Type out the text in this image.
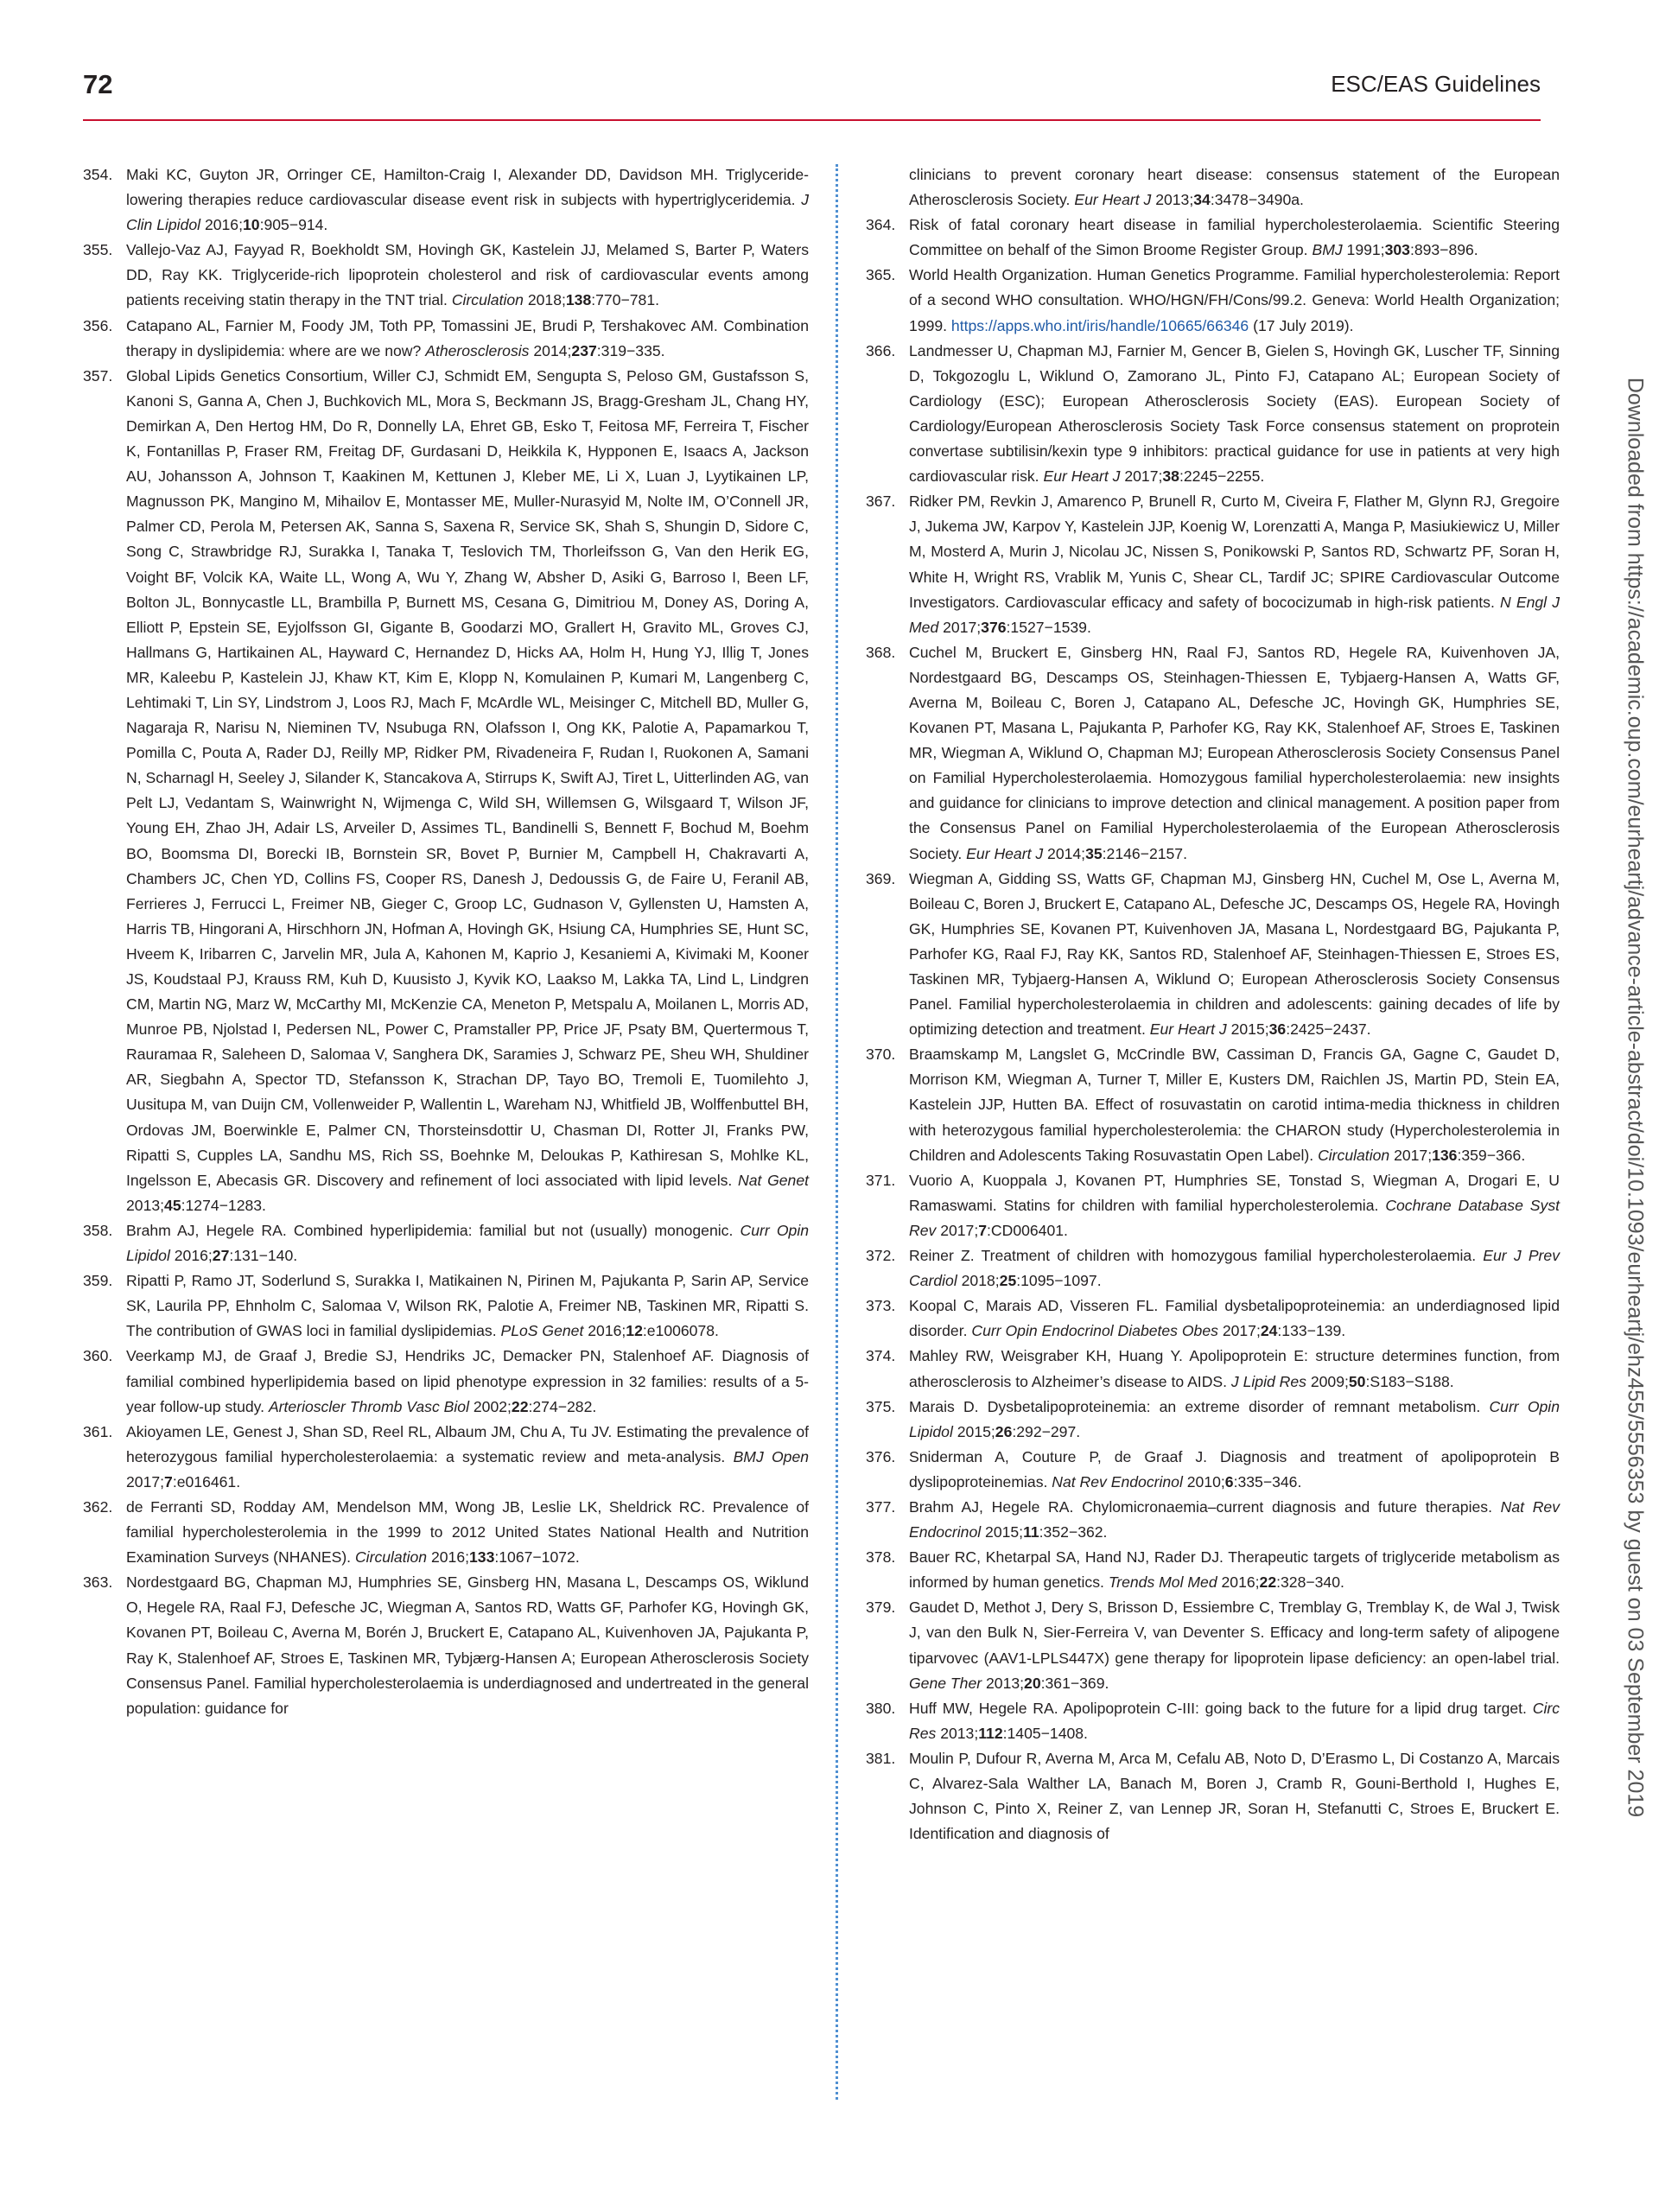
72	ESC/EAS Guidelines

354. Maki KC, Guyton JR, Orringer CE, Hamilton-Craig I, Alexander DD, Davidson MH. Triglyceride-lowering therapies reduce cardiovascular disease event risk in subjects with hypertriglyceridemia. J Clin Lipidol 2016;10:905−914.

355. Vallejo-Vaz AJ, Fayyad R, Boekholdt SM, Hovingh GK, Kastelein JJ, Melamed S, Barter P, Waters DD, Ray KK. Triglyceride-rich lipoprotein cholesterol and risk of cardiovascular events among patients receiving statin therapy in the TNT trial. Circulation 2018;138:770−781.

356. Catapano AL, Farnier M, Foody JM, Toth PP, Tomassini JE, Brudi P, Tershakovec AM. Combination therapy in dyslipidemia: where are we now? Atherosclerosis 2014;237:319−335.

357. Global Lipids Genetics Consortium, Willer CJ, Schmidt EM, Sengupta S, Peloso GM, Gustafsson S, Kanoni S, Ganna A, Chen J, Buchkovich ML, Mora S, Beckmann JS, Bragg-Gresham JL, Chang HY, Demirkan A, Den Hertog HM, Do R, Donnelly LA, Ehret GB, Esko T, Feitosa MF, Ferreira T, Fischer K, Fontanillas P, Fraser RM, Freitag DF, Gurdasani D, Heikkila K, Hypponen E, Isaacs A, Jackson AU, Johansson A, Johnson T, Kaakinen M, Kettunen J, Kleber ME, Li X, Luan J, Lyytikainen LP, Magnusson PK, Mangino M, Mihailov E, Montasser ME, Muller-Nurasyid M, Nolte IM, O’Connell JR, Palmer CD, Perola M, Petersen AK, Sanna S, Saxena R, Service SK, Shah S, Shungin D, Sidore C, Song C, Strawbridge RJ, Surakka I, Tanaka T, Teslovich TM, Thorleifsson G, Van den Herik EG, Voight BF, Volcik KA, Waite LL, Wong A, Wu Y, Zhang W, Absher D, Asiki G, Barroso I, Been LF, Bolton JL, Bonnycastle LL, Brambilla P, Burnett MS, Cesana G, Dimitriou M, Doney AS, Doring A, Elliott P, Epstein SE, Eyjolfsson GI, Gigante B, Goodarzi MO, Grallert H, Gravito ML, Groves CJ, Hallmans G, Hartikainen AL, Hayward C, Hernandez D, Hicks AA, Holm H, Hung YJ, Illig T, Jones MR, Kaleebu P, Kastelein JJ, Khaw KT, Kim E, Klopp N, Komulainen P, Kumari M, Langenberg C, Lehtimaki T, Lin SY, Lindstrom J, Loos RJ, Mach F, McArdle WL, Meisinger C, Mitchell BD, Muller G, Nagaraja R, Narisu N, Nieminen TV, Nsubuga RN, Olafsson I, Ong KK, Palotie A, Papamarkou T, Pomilla C, Pouta A, Rader DJ, Reilly MP, Ridker PM, Rivadeneira F, Rudan I, Ruokonen A, Samani N, Scharnagl H, Seeley J, Silander K, Stancakova A, Stirrups K, Swift AJ, Tiret L, Uitterlinden AG, van Pelt LJ, Vedantam S, Wainwright N, Wijmenga C, Wild SH, Willemsen G, Wilsgaard T, Wilson JF, Young EH, Zhao JH, Adair LS, Arveiler D, Assimes TL, Bandinelli S, Bennett F, Bochud M, Boehm BO, Boomsma DI, Borecki IB, Bornstein SR, Bovet P, Burnier M, Campbell H, Chakravarti A, Chambers JC, Chen YD, Collins FS, Cooper RS, Danesh J, Dedoussis G, de Faire U, Feranil AB, Ferrieres J, Ferrucci L, Freimer NB, Gieger C, Groop LC, Gudnason V, Gyllensten U, Hamsten A, Harris TB, Hingorani A, Hirschhorn JN, Hofman A, Hovingh GK, Hsiung CA, Humphries SE, Hunt SC, Hveem K, Iribarren C, Jarvelin MR, Jula A, Kahonen M, Kaprio J, Kesaniemi A, Kivimaki M, Kooner JS, Koudstaal PJ, Krauss RM, Kuh D, Kuusisto J, Kyvik KO, Laakso M, Lakka TA, Lind L, Lindgren CM, Martin NG, Marz W, McCarthy MI, McKenzie CA, Meneton P, Metspalu A, Moilanen L, Morris AD, Munroe PB, Njolstad I, Pedersen NL, Power C, Pramstaller PP, Price JF, Psaty BM, Quertermous T, Rauramaa R, Saleheen D, Salomaa V, Sanghera DK, Saramies J, Schwarz PE, Sheu WH, Shuldiner AR, Siegbahn A, Spector TD, Stefansson K, Strachan DP, Tayo BO, Tremoli E, Tuomilehto J, Uusitupa M, van Duijn CM, Vollenweider P, Wallentin L, Wareham NJ, Whitfield JB, Wolffenbuttel BH, Ordovas JM, Boerwinkle E, Palmer CN, Thorsteinsdottir U, Chasman DI, Rotter JI, Franks PW, Ripatti S, Cupples LA, Sandhu MS, Rich SS, Boehnke M, Deloukas P, Kathiresan S, Mohlke KL, Ingelsson E, Abecasis GR. Discovery and refinement of loci associated with lipid levels. Nat Genet 2013;45:1274−1283.

358. Brahm AJ, Hegele RA. Combined hyperlipidemia: familial but not (usually) monogenic. Curr Opin Lipidol 2016;27:131−140.

359. Ripatti P, Ramo JT, Soderlund S, Surakka I, Matikainen N, Pirinen M, Pajukanta P, Sarin AP, Service SK, Laurila PP, Ehnholm C, Salomaa V, Wilson RK, Palotie A, Freimer NB, Taskinen MR, Ripatti S. The contribution of GWAS loci in familial dyslipidemias. PLoS Genet 2016;12:e1006078.

360. Veerkamp MJ, de Graaf J, Bredie SJ, Hendriks JC, Demacker PN, Stalenhoef AF. Diagnosis of familial combined hyperlipidemia based on lipid phenotype expression in 32 families: results of a 5-year follow-up study. Arterioscler Thromb Vasc Biol 2002;22:274−282.

361. Akioyamen LE, Genest J, Shan SD, Reel RL, Albaum JM, Chu A, Tu JV. Estimating the prevalence of heterozygous familial hypercholesterolaemia: a systematic review and meta-analysis. BMJ Open 2017;7:e016461.

362. de Ferranti SD, Rodday AM, Mendelson MM, Wong JB, Leslie LK, Sheldrick RC. Prevalence of familial hypercholesterolemia in the 1999 to 2012 United States National Health and Nutrition Examination Surveys (NHANES). Circulation 2016;133:1067−1072.

363. Nordestgaard BG, Chapman MJ, Humphries SE, Ginsberg HN, Masana L, Descamps OS, Wiklund O, Hegele RA, Raal FJ, Defesche JC, Wiegman A, Santos RD, Watts GF, Parhofer KG, Hovingh GK, Kovanen PT, Boileau C, Averna M, Borén J, Bruckert E, Catapano AL, Kuivenhoven JA, Pajukanta P, Ray K, Stalenhoef AF, Stroes E, Taskinen MR, Tybjærg-Hansen A; European Atherosclerosis Society Consensus Panel. Familial hypercholesterolaemia is underdiagnosed and undertreated in the general population: guidance for

clinicians to prevent coronary heart disease: consensus statement of the European Atherosclerosis Society. Eur Heart J 2013;34:3478−3490a.

364. Risk of fatal coronary heart disease in familial hypercholesterolaemia. Scientific Steering Committee on behalf of the Simon Broome Register Group. BMJ 1991;303:893−896.

365. World Health Organization. Human Genetics Programme. Familial hypercholesterolemia: Report of a second WHO consultation. WHO/HGN/FH/Cons/99.2. Geneva: World Health Organization; 1999. https://apps.who.int/iris/handle/10665/66346 (17 July 2019).

366. Landmesser U, Chapman MJ, Farnier M, Gencer B, Gielen S, Hovingh GK, Luscher TF, Sinning D, Tokgozoglu L, Wiklund O, Zamorano JL, Pinto FJ, Catapano AL; European Society of Cardiology (ESC); European Atherosclerosis Society (EAS). European Society of Cardiology/European Atherosclerosis Society Task Force consensus statement on proprotein convertase subtilisin/kexin type 9 inhibitors: practical guidance for use in patients at very high cardiovascular risk. Eur Heart J 2017;38:2245−2255.

367. Ridker PM, Revkin J, Amarenco P, Brunell R, Curto M, Civeira F, Flather M, Glynn RJ, Gregoire J, Jukema JW, Karpov Y, Kastelein JJP, Koenig W, Lorenzatti A, Manga P, Masiukiewicz U, Miller M, Mosterd A, Murin J, Nicolau JC, Nissen S, Ponikowski P, Santos RD, Schwartz PF, Soran H, White H, Wright RS, Vrablik M, Yunis C, Shear CL, Tardif JC; SPIRE Cardiovascular Outcome Investigators. Cardiovascular efficacy and safety of bococizumab in high-risk patients. N Engl J Med 2017;376:1527−1539.

368. Cuchel M, Bruckert E, Ginsberg HN, Raal FJ, Santos RD, Hegele RA, Kuivenhoven JA, Nordestgaard BG, Descamps OS, Steinhagen-Thiessen E, Tybjaerg-Hansen A, Watts GF, Averna M, Boileau C, Boren J, Catapano AL, Defesche JC, Hovingh GK, Humphries SE, Kovanen PT, Masana L, Pajukanta P, Parhofer KG, Ray KK, Stalenhoef AF, Stroes E, Taskinen MR, Wiegman A, Wiklund O, Chapman MJ; European Atherosclerosis Society Consensus Panel on Familial Hypercholesterolaemia. Homozygous familial hypercholesterolaemia: new insights and guidance for clinicians to improve detection and clinical management. A position paper from the Consensus Panel on Familial Hypercholesterolaemia of the European Atherosclerosis Society. Eur Heart J 2014;35:2146−2157.

369. Wiegman A, Gidding SS, Watts GF, Chapman MJ, Ginsberg HN, Cuchel M, Ose L, Averna M, Boileau C, Boren J, Bruckert E, Catapano AL, Defesche JC, Descamps OS, Hegele RA, Hovingh GK, Humphries SE, Kovanen PT, Kuivenhoven JA, Masana L, Nordestgaard BG, Pajukanta P, Parhofer KG, Raal FJ, Ray KK, Santos RD, Stalenhoef AF, Steinhagen-Thiessen E, Stroes ES, Taskinen MR, Tybjaerg-Hansen A, Wiklund O; European Atherosclerosis Society Consensus Panel. Familial hypercholesterolaemia in children and adolescents: gaining decades of life by optimizing detection and treatment. Eur Heart J 2015;36:2425−2437.

370. Braamskamp M, Langslet G, McCrindle BW, Cassiman D, Francis GA, Gagne C, Gaudet D, Morrison KM, Wiegman A, Turner T, Miller E, Kusters DM, Raichlen JS, Martin PD, Stein EA, Kastelein JJP, Hutten BA. Effect of rosuvastatin on carotid intima-media thickness in children with heterozygous familial hypercholesterolemia: the CHARON study (Hypercholesterolemia in Children and Adolescents Taking Rosuvastatin Open Label). Circulation 2017;136:359−366.

371. Vuorio A, Kuoppala J, Kovanen PT, Humphries SE, Tonstad S, Wiegman A, Drogari E, U Ramaswami. Statins for children with familial hypercholesterolemia. Cochrane Database Syst Rev 2017;7:CD006401.

372. Reiner Z. Treatment of children with homozygous familial hypercholesterolaemia. Eur J Prev Cardiol 2018;25:1095−1097.

373. Koopal C, Marais AD, Visseren FL. Familial dysbetalipoproteinemia: an underdiagnosed lipid disorder. Curr Opin Endocrinol Diabetes Obes 2017;24:133−139.

374. Mahley RW, Weisgraber KH, Huang Y. Apolipoprotein E: structure determines function, from atherosclerosis to Alzheimer’s disease to AIDS. J Lipid Res 2009;50:S183−S188.

375. Marais D. Dysbetalipoproteinemia: an extreme disorder of remnant metabolism. Curr Opin Lipidol 2015;26:292−297.

376. Sniderman A, Couture P, de Graaf J. Diagnosis and treatment of apolipoprotein B dyslipoproteinemias. Nat Rev Endocrinol 2010;6:335−346.

377. Brahm AJ, Hegele RA. Chylomicronaemia–current diagnosis and future therapies. Nat Rev Endocrinol 2015;11:352−362.

378. Bauer RC, Khetarpal SA, Hand NJ, Rader DJ. Therapeutic targets of triglyceride metabolism as informed by human genetics. Trends Mol Med 2016;22:328−340.

379. Gaudet D, Methot J, Dery S, Brisson D, Essiembre C, Tremblay G, Tremblay K, de Wal J, Twisk J, van den Bulk N, Sier-Ferreira V, van Deventer S. Efficacy and long-term safety of alipogene tiparvovec (AAV1-LPLS447X) gene therapy for lipoprotein lipase deficiency: an open-label trial. Gene Ther 2013;20:361−369.

380. Huff MW, Hegele RA. Apolipoprotein C-III: going back to the future for a lipid drug target. Circ Res 2013;112:1405−1408.

381. Moulin P, Dufour R, Averna M, Arca M, Cefalu AB, Noto D, D’Erasmo L, Di Costanzo A, Marcais C, Alvarez-Sala Walther LA, Banach M, Boren J, Cramb R, Gouni-Berthold I, Hughes E, Johnson C, Pinto X, Reiner Z, van Lennep JR, Soran H, Stefanutti C, Stroes E, Bruckert E. Identification and diagnosis of

Downloaded from https://academic.oup.com/eurheartj/advance-article-abstract/doi/10.1093/eurheartj/ehz455/5556353 by guest on 03 September 2019
